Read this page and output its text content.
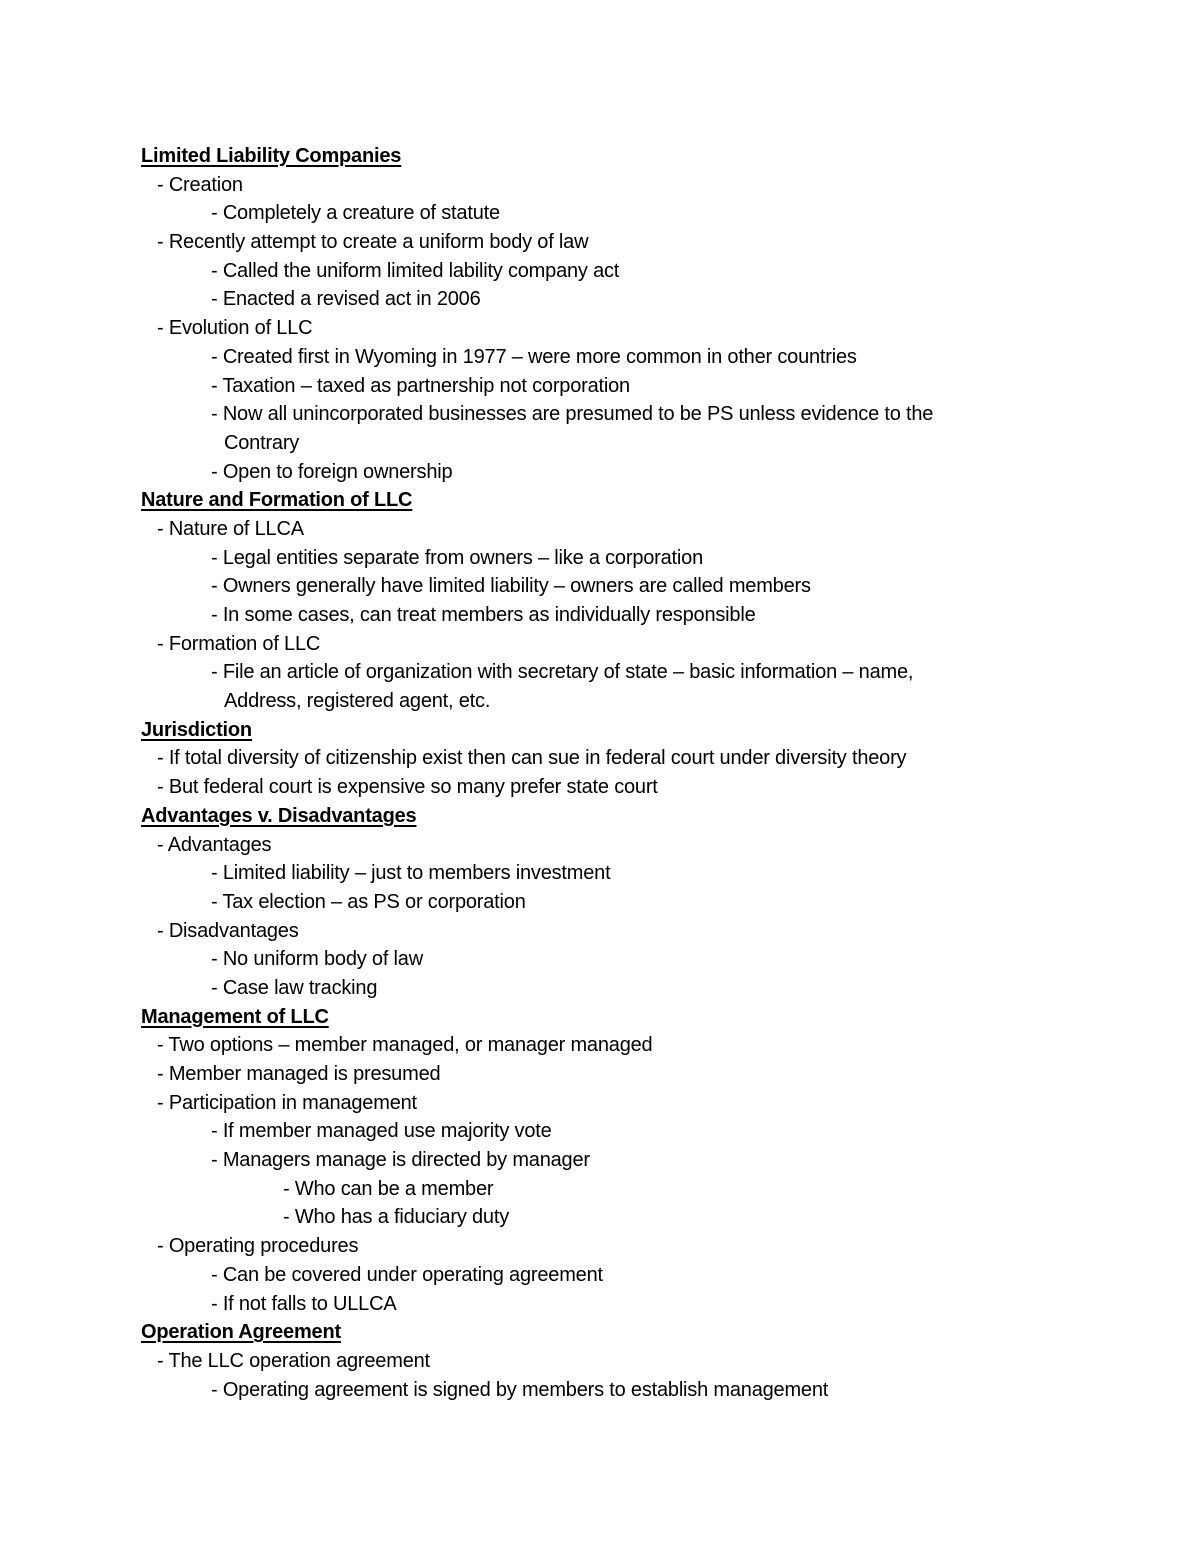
Limited Liability Companies
- Creation
- Completely a creature of statute
- Recently attempt to create a uniform body of law
- Called the uniform limited lability company act
- Enacted a revised act in 2006
- Evolution of LLC
- Created first in Wyoming in 1977 – were more common in other countries
- Taxation – taxed as partnership not corporation
- Now all unincorporated businesses are presumed to be PS unless evidence to the
Contrary
- Open to foreign ownership
Nature and Formation of LLC
- Nature of LLCA
- Legal entities separate from owners – like a corporation
- Owners generally have limited liability – owners are called members
- In some cases, can treat members as individually responsible
- Formation of LLC
- File an article of organization with secretary of state – basic information – name,
Address, registered agent, etc.
Jurisdiction
- If total diversity of citizenship exist then can sue in federal court under diversity theory
- But federal court is expensive so many prefer state court
Advantages v. Disadvantages
- Advantages
- Limited liability – just to members investment
- Tax election – as PS or corporation
- Disadvantages
- No uniform body of law
- Case law tracking
Management of LLC
- Two options – member managed, or manager managed
- Member managed is presumed
- Participation in management
- If member managed use majority vote
- Managers manage is directed by manager
- Who can be a member
- Who has a fiduciary duty
- Operating procedures
- Can be covered under operating agreement
- If not falls to ULLCA
Operation Agreement
- The LLC operation agreement
- Operating agreement is signed by members to establish management
